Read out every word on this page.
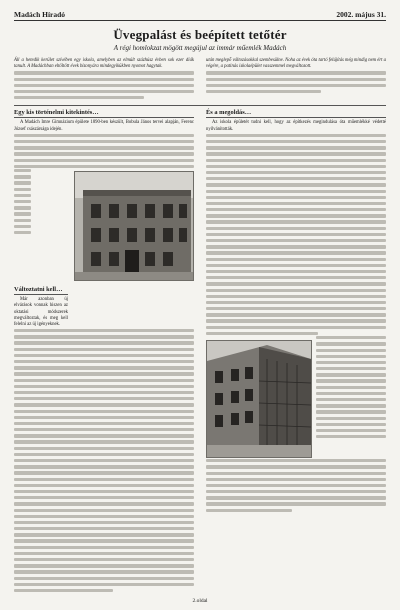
Madách Híradó	2002. május 31.
Üvegpalást és beépített tetőtér
A régi homlokzat mögött megújul az immár műemlék Madách

Áll a hetedik kerület szívében egy iskola, amelyben az elmúlt százhúsz évben sok ezer diák tanult. A Madáchban eltöltött évek bizonyára mindegyikükben nyomot hagytak.

után meglepő változásokkal szembesülne. Noha az évek óta tartó felújítás még mindig nem ért a végére, a patinás iskolaépület vasszemmel megváltozott.

Egy kis történelmi kitekintés…

A Madách Imre Gimnázium épülete 1890-ben készült, Bobula János tervei alapján, Ferenc József császársága idején.

Változtatni kell…

Már azonban új elvárások vonnak hiszen az oktatási módszerek megváltoztak, és meg kell felelni az új igényeknek.

És a megoldás…

Az iskola épületét tudni kell, hogy az építkezés megindulása óta műemlékké védetté nyilvánították.

2.oldal
